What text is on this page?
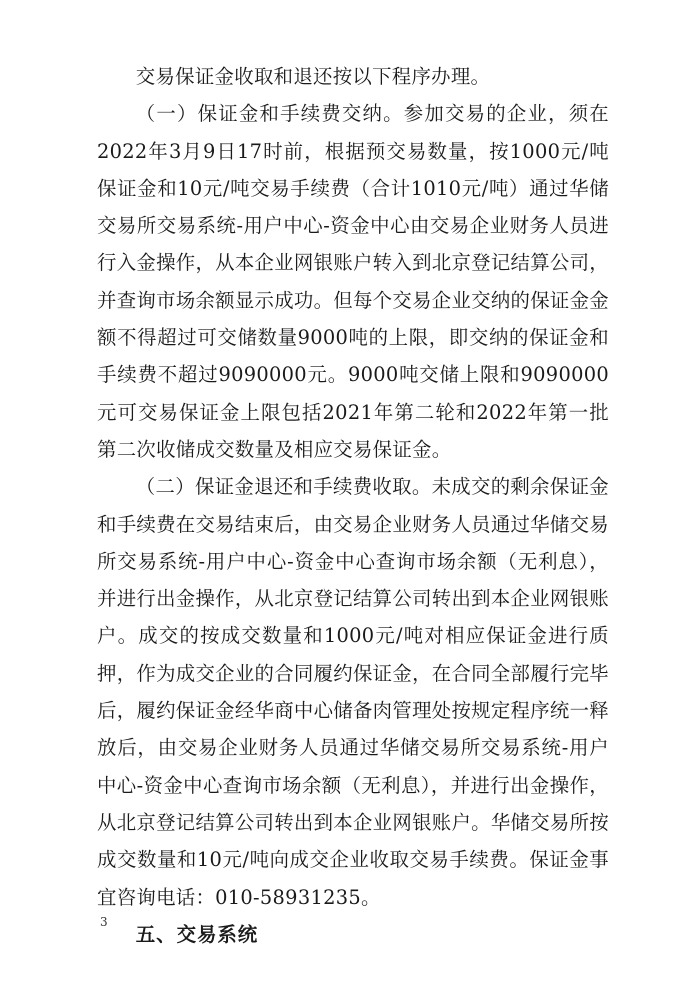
交易保证金收取和退还按以下程序办理。

（一）保证金和手续费交纳。参加交易的企业，须在2022年3月9日17时前，根据预交易数量，按1000元/吨保证金和10元/吨交易手续费（合计1010元/吨）通过华储交易所交易系统-用户中心-资金中心由交易企业财务人员进行入金操作，从本企业网银账户转入到北京登记结算公司，并查询市场余额显示成功。但每个交易企业交纳的保证金金额不得超过可交储数量9000吨的上限，即交纳的保证金和手续费不超过9090000元。9000吨交储上限和9090000元可交易保证金上限包括2021年第二轮和2022年第一批第二次收储成交数量及相应交易保证金。

（二）保证金退还和手续费收取。未成交的剩余保证金和手续费在交易结束后，由交易企业财务人员通过华储交易所交易系统-用户中心-资金中心查询市场余额（无利息），并进行出金操作，从北京登记结算公司转出到本企业网银账户。成交的按成交数量和1000元/吨对相应保证金进行质押，作为成交企业的合同履约保证金，在合同全部履行完毕后，履约保证金经华商中心储备肉管理处按规定程序统一释放后，由交易企业财务人员通过华储交易所交易系统-用户中心-资金中心查询市场余额（无利息），并进行出金操作，从北京登记结算公司转出到本企业网银账户。华储交易所按成交数量和10元/吨向成交企业收取交易手续费。保证金事宜咨询电话：010-58931235。

五、交易系统

3
